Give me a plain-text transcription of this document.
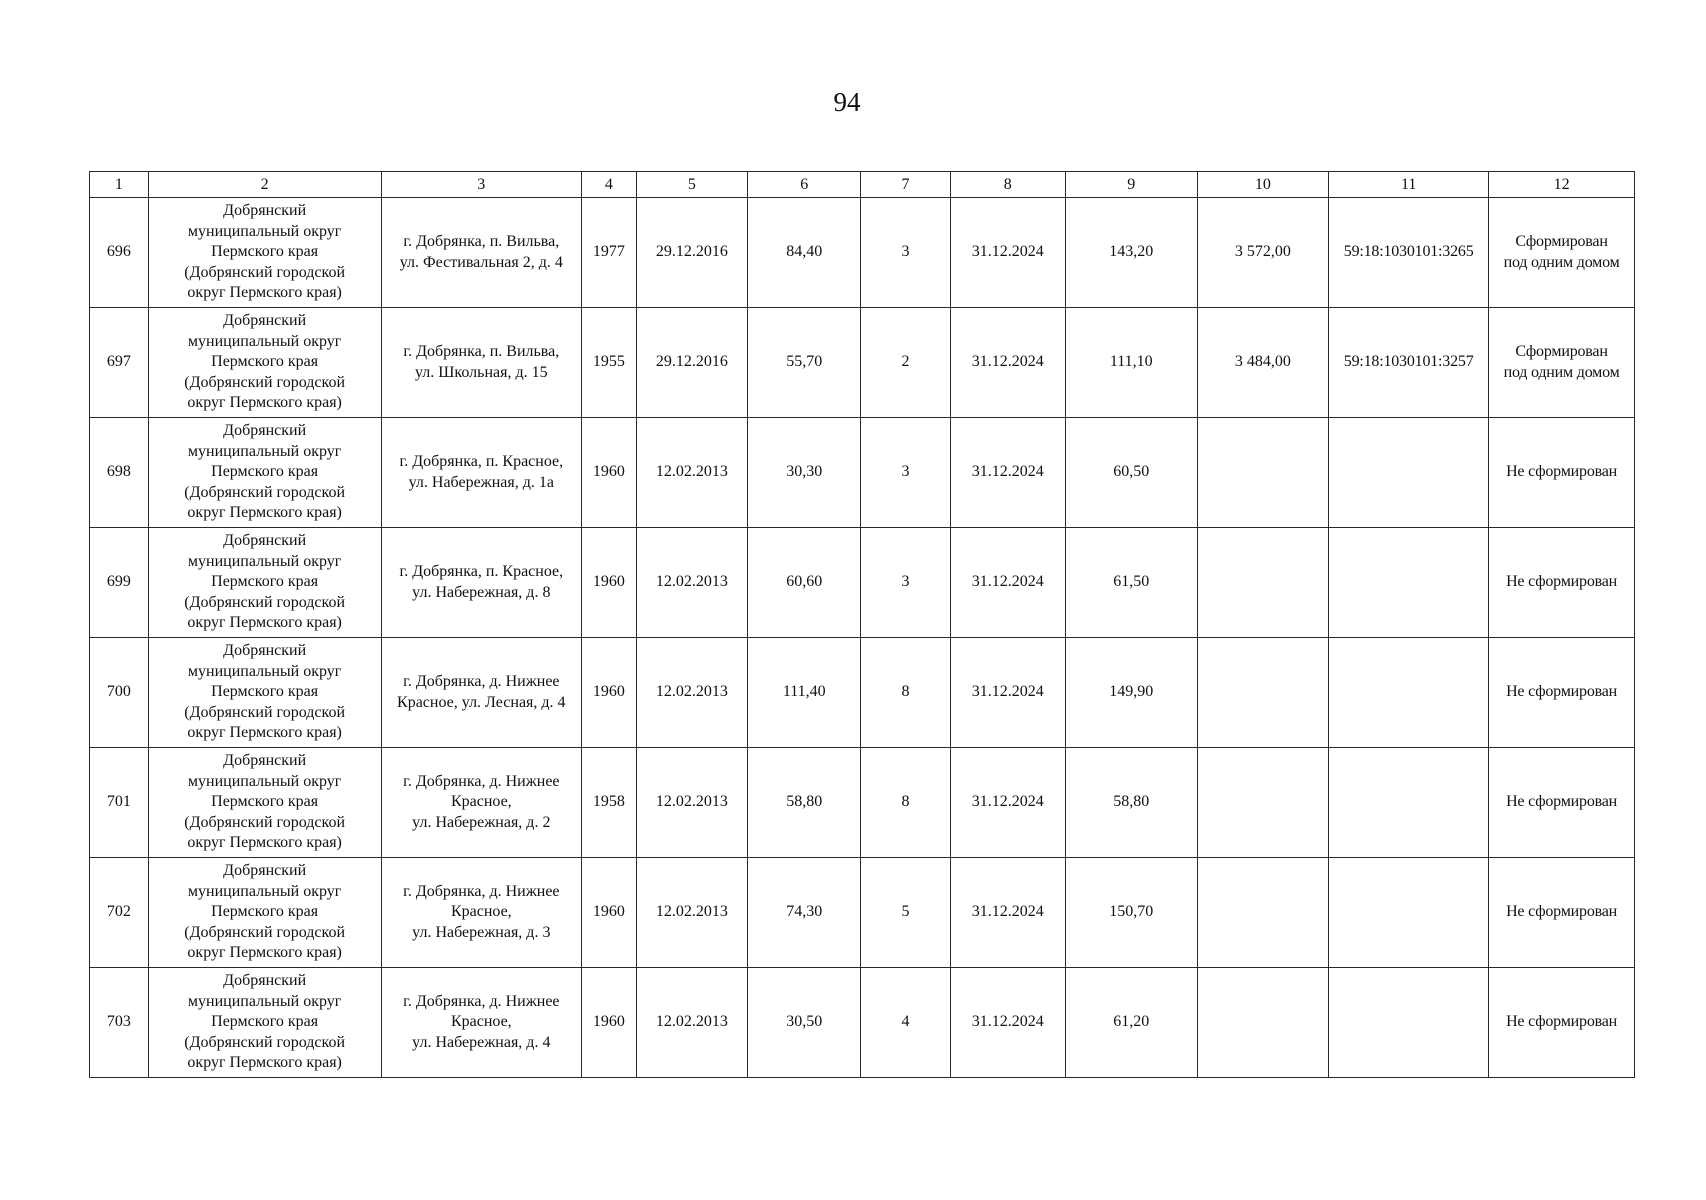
94
1	2	3	4	5	6	7	8	9	10	11	12
696	Добрянский
муниципальный округ
Пермского края
(Добрянский городской
округ Пермского края)	г. Добрянка, п. Вильва,
ул. Фестивальная 2, д. 4	1977	29.12.2016	84,40	3	31.12.2024	143,20	3 572,00	59:18:1030101:3265	Сформирован
под одним домом

697	Добрянский
муниципальный округ
Пермского края
(Добрянский городской
округ Пермского края)	г. Добрянка, п. Вильва,
ул. Школьная, д. 15	1955	29.12.2016	55,70	2	31.12.2024	111,10	3 484,00	59:18:1030101:3257	Сформирован
под одним домом

698	Добрянский
муниципальный округ
Пермского края
(Добрянский городской
округ Пермского края)	г. Добрянка, п. Красное,
ул. Набережная, д. 1а	1960	12.02.2013	30,30	3	31.12.2024	60,50			Не сформирован

699	Добрянский
муниципальный округ
Пермского края
(Добрянский городской
округ Пермского края)	г. Добрянка, п. Красное,
ул. Набережная, д. 8	1960	12.02.2013	60,60	3	31.12.2024	61,50			Не сформирован

700	Добрянский
муниципальный округ
Пермского края
(Добрянский городской
округ Пермского края)	г. Добрянка, д. Нижнее
Красное, ул. Лесная, д. 4	1960	12.02.2013	111,40	8	31.12.2024	149,90			Не сформирован

701	Добрянский
муниципальный округ
Пермского края
(Добрянский городской
округ Пермского края)	г. Добрянка, д. Нижнее
Красное,
ул. Набережная, д. 2	1958	12.02.2013	58,80	8	31.12.2024	58,80			Не сформирован

702	Добрянский
муниципальный округ
Пермского края
(Добрянский городской
округ Пермского края)	г. Добрянка, д. Нижнее
Красное,
ул. Набережная, д. 3	1960	12.02.2013	74,30	5	31.12.2024	150,70			Не сформирован

703	Добрянский
муниципальный округ
Пермского края
(Добрянский городской
округ Пермского края)	г. Добрянка, д. Нижнее
Красное,
ул. Набережная, д. 4	1960	12.02.2013	30,50	4	31.12.2024	61,20			Не сформирован
